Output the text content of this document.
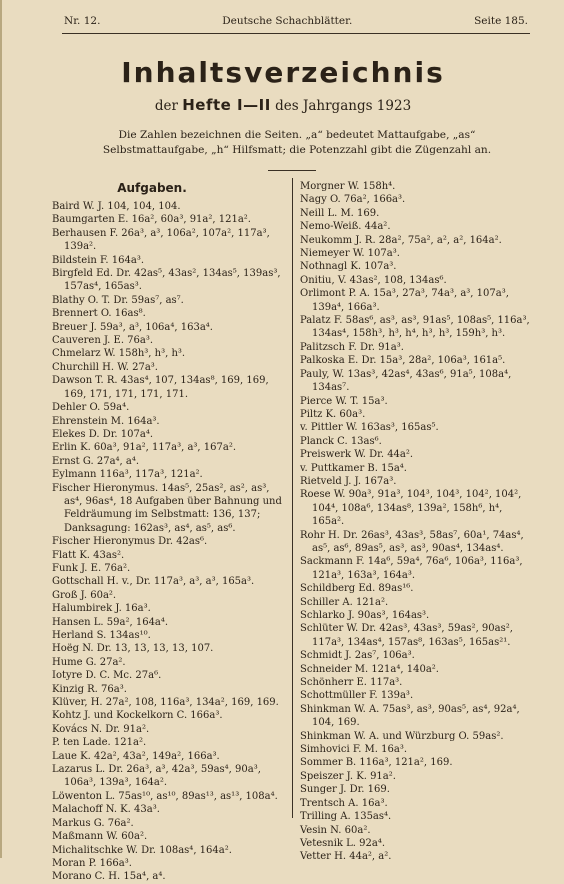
Nr. 12.	Deutsche Schachblätter.	Seite 185.
Inhaltsverzeichnis
der Hefte I—II des Jahrgangs 1923
Die Zahlen bezeichnen die Seiten. „a“ bedeutet Mattaufgabe, „as“ Selbstmattaufgabe, „h“ Hilfsmatt; die Potenzzahl gibt die Zügenzahl an.
Aufgaben.
Baird W. J. 104, 104, 104.
Baumgarten E. 16a², 60a³, 91a², 121a².
Berhausen F. 26a³, a³, 106a², 107a², 117a³, 139a².
Bildstein F. 164a³.
Birgfeld Ed. Dr. 42as⁵, 43as², 134as⁵, 139as³, 157as⁴, 165as³.
Blathy O. T. Dr. 59as⁷, as⁷.
Brennert O. 16as⁸.
Breuer J. 59a³, a³, 106a⁴, 163a⁴.
Cauveren J. E. 76a³.
Chmelarz W. 158h³, h³, h³.
Churchill H. W. 27a³.
Dawson T. R. 43as⁴, 107, 134as⁸, 169, 169, 169, 171, 171, 171, 171.
Dehler O. 59a⁴.
Ehrenstein M. 164a³.
Elekes D. Dr. 107a⁴.
Erlin K. 60a³, 91a², 117a³, a³, 167a².
Ernst G. 27a⁴, a⁴.
Eylmann 116a³, 117a³, 121a².
Fischer Hieronymus. 14as⁵, 25as², as², as³, as⁴, 96as⁴, 18 Aufgaben über Bahnung und Feldräumung im Selbstmatt: 136, 137; Danksagung: 162as³, as⁴, as⁵, as⁶.
Fischer Hieronymus Dr. 42as⁶.
Flatt K. 43as².
Funk J. E. 76a².
Gottschall H. v., Dr. 117a³, a³, a³, 165a³.
Groß J. 60a².
Halumbirek J. 16a³.
Hansen L. 59a², 164a⁴.
Herland S. 134as¹⁰.
Hoëg N. Dr. 13, 13, 13, 13, 107.
Hume G. 27a².
Iotyre D. C. Mc. 27a⁶.
Kinzig R. 76a³.
Klüver, H. 27a², 108, 116a³, 134a², 169, 169.
Kohtz J. und Kockelkorn C. 166a³.
Kovács N. Dr. 91a².
P. ten Lade. 121a².
Laue K. 42a², 43a², 149a², 166a³.
Lazarus L. Dr. 26a³, a³, 42a³, 59as⁴, 90a³, 106a³, 139a³, 164a².
Löwenton L. 75as¹⁰, as¹⁰, 89as¹³, as¹³, 108a⁴.
Malachoff N. K. 43a³.
Markus G. 76a².
Maßmann W. 60a².
Michalitschke W. Dr. 108as⁴, 164a².
Moran P. 166a³.
Morano C. H. 15a⁴, a⁴.
Morgner W. 158h⁴.
Nagy O. 76a², 166a³.
Neill L. M. 169.
Nemo-Weiß. 44a².
Neukomm J. R. 28a², 75a², a², a², 164a².
Niemeyer W. 107a³.
Nothnagl K. 107a³.
Onitiu, V. 43as², 108, 134as⁶.
Orlimont P. A. 15a³, 27a³, 74a³, a³, 107a³, 139a⁴, 166a³.
Palatz F. 58as⁶, as³, as³, 91as⁵, 108as⁵, 116a³, 134as⁴, 158h³, h³, h⁴, h³, h³, 159h³, h³.
Palitzsch F. Dr. 91a³.
Palkoska E. Dr. 15a³, 28a², 106a³, 161a⁵.
Pauly, W. 13as³, 42as⁴, 43as⁶, 91a⁵, 108a⁴, 134as⁷.
Pierce W. T. 15a³.
Piltz K. 60a³.
v. Pittler W. 163as³, 165as⁵.
Planck C. 13as⁶.
Preiswerk W. Dr. 44a².
v. Puttkamer B. 15a⁴.
Rietveld J. J. 167a³.
Roese W. 90a³, 91a³, 104³, 104³, 104², 104², 104⁴, 108a⁶, 134as⁸, 139a², 158h⁶, h⁴, 165a².
Rohr H. Dr. 26as³, 43as³, 58as⁷, 60a¹, 74as⁴, as⁵, as⁶, 89as⁵, as³, as³, 90as⁴, 134as⁴.
Sackmann F. 14a⁶, 59a⁴, 76a⁶, 106a³, 116a³, 121a³, 163a³, 164a³.
Schildberg Ed. 89as¹⁶.
Schiller A. 121a².
Schlarko J. 90as³, 164as³.
Schlüter W. Dr. 42as³, 43as³, 59as², 90as², 117a³, 134as⁴, 157as⁸, 163as⁵, 165as²¹.
Schmidt J. 2as⁷, 106a³.
Schneider M. 121a⁴, 140a².
Schönherr E. 117a³.
Schottmüller F. 139a³.
Shinkman W. A. 75as³, as³, 90as⁵, as⁴, 92a⁴, 104, 169.
Shinkman W. A. und Würzburg O. 59as².
Simhovici F. M. 16a³.
Sommer B. 116a³, 121a², 169.
Speiszer J. K. 91a².
Sunger J. Dr. 169.
Trentsch A. 16a³.
Trilling A. 135as⁴.
Vesin N. 60a².
Vetesnik L. 92a⁴.
Vetter H. 44a², a².
